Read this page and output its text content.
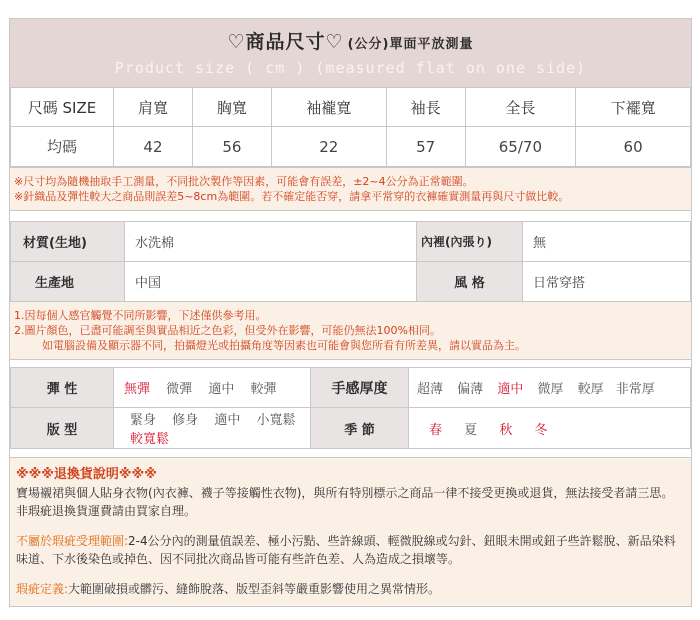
♡商品尺寸♡ (公分)單面平放測量
Product size ( cm ) (measured flat on one side)
尺碼 SIZE	肩寬	胸寬	袖襱寬	袖長	全長	下襬寬
均碼	42	56	22	57	65/70	60
※尺寸均為隨機抽取手工測量，不同批次製作等因素，可能會有誤差，±2~4公分為正常範圍。
※針織品及彈性較大之商品則誤差5~8cm為範圍。若不確定能否穿，請拿平常穿的衣褲確實測量再與尺寸做比較。
材質(生地)	水洗棉	內裡(內張り)	無
生產地	中国	風 格	日常穿搭
1.因每個人感官觸覺不同所影響，下述僅供參考用。
2.圖片顏色，已盡可能調至與實品相近之色彩，但受外在影響，可能仍無法100%相同。
如電腦設備及顯示器不同，拍攝燈光或拍攝角度等因素也可能會與您所看有所差異，請以實品為主。
彈 性	無彈 微彈 適中 較彈	手感厚度	超薄 偏薄 適中 微厚 較厚 非常厚
版 型	緊身 修身 適中 小寬鬆 較寬鬆	季 節	春 夏 秋 冬
※※※退換貨說明※※※
寶場襯裙與個人貼身衣物(內衣褲、襪子等接觸性衣物)，與所有特別標示之商品一律不接受更換或退貨，無法接受者請三思。非瑕疵退換貨運費請由買家自理。
不屬於瑕疵受理範圍:2-4公分內的測量值誤差、極小污點、些許線頭、輕微脫線或勾針、鈕眼未開或鈕子些許鬆脫、新品染料味道、下水後染色或掉色、因不同批次商品皆可能有些許色差、人為造成之損壞等。
瑕疵定義:大範圍破損或髒污、縫飾脫落、版型歪斜等嚴重影響使用之異常情形。
